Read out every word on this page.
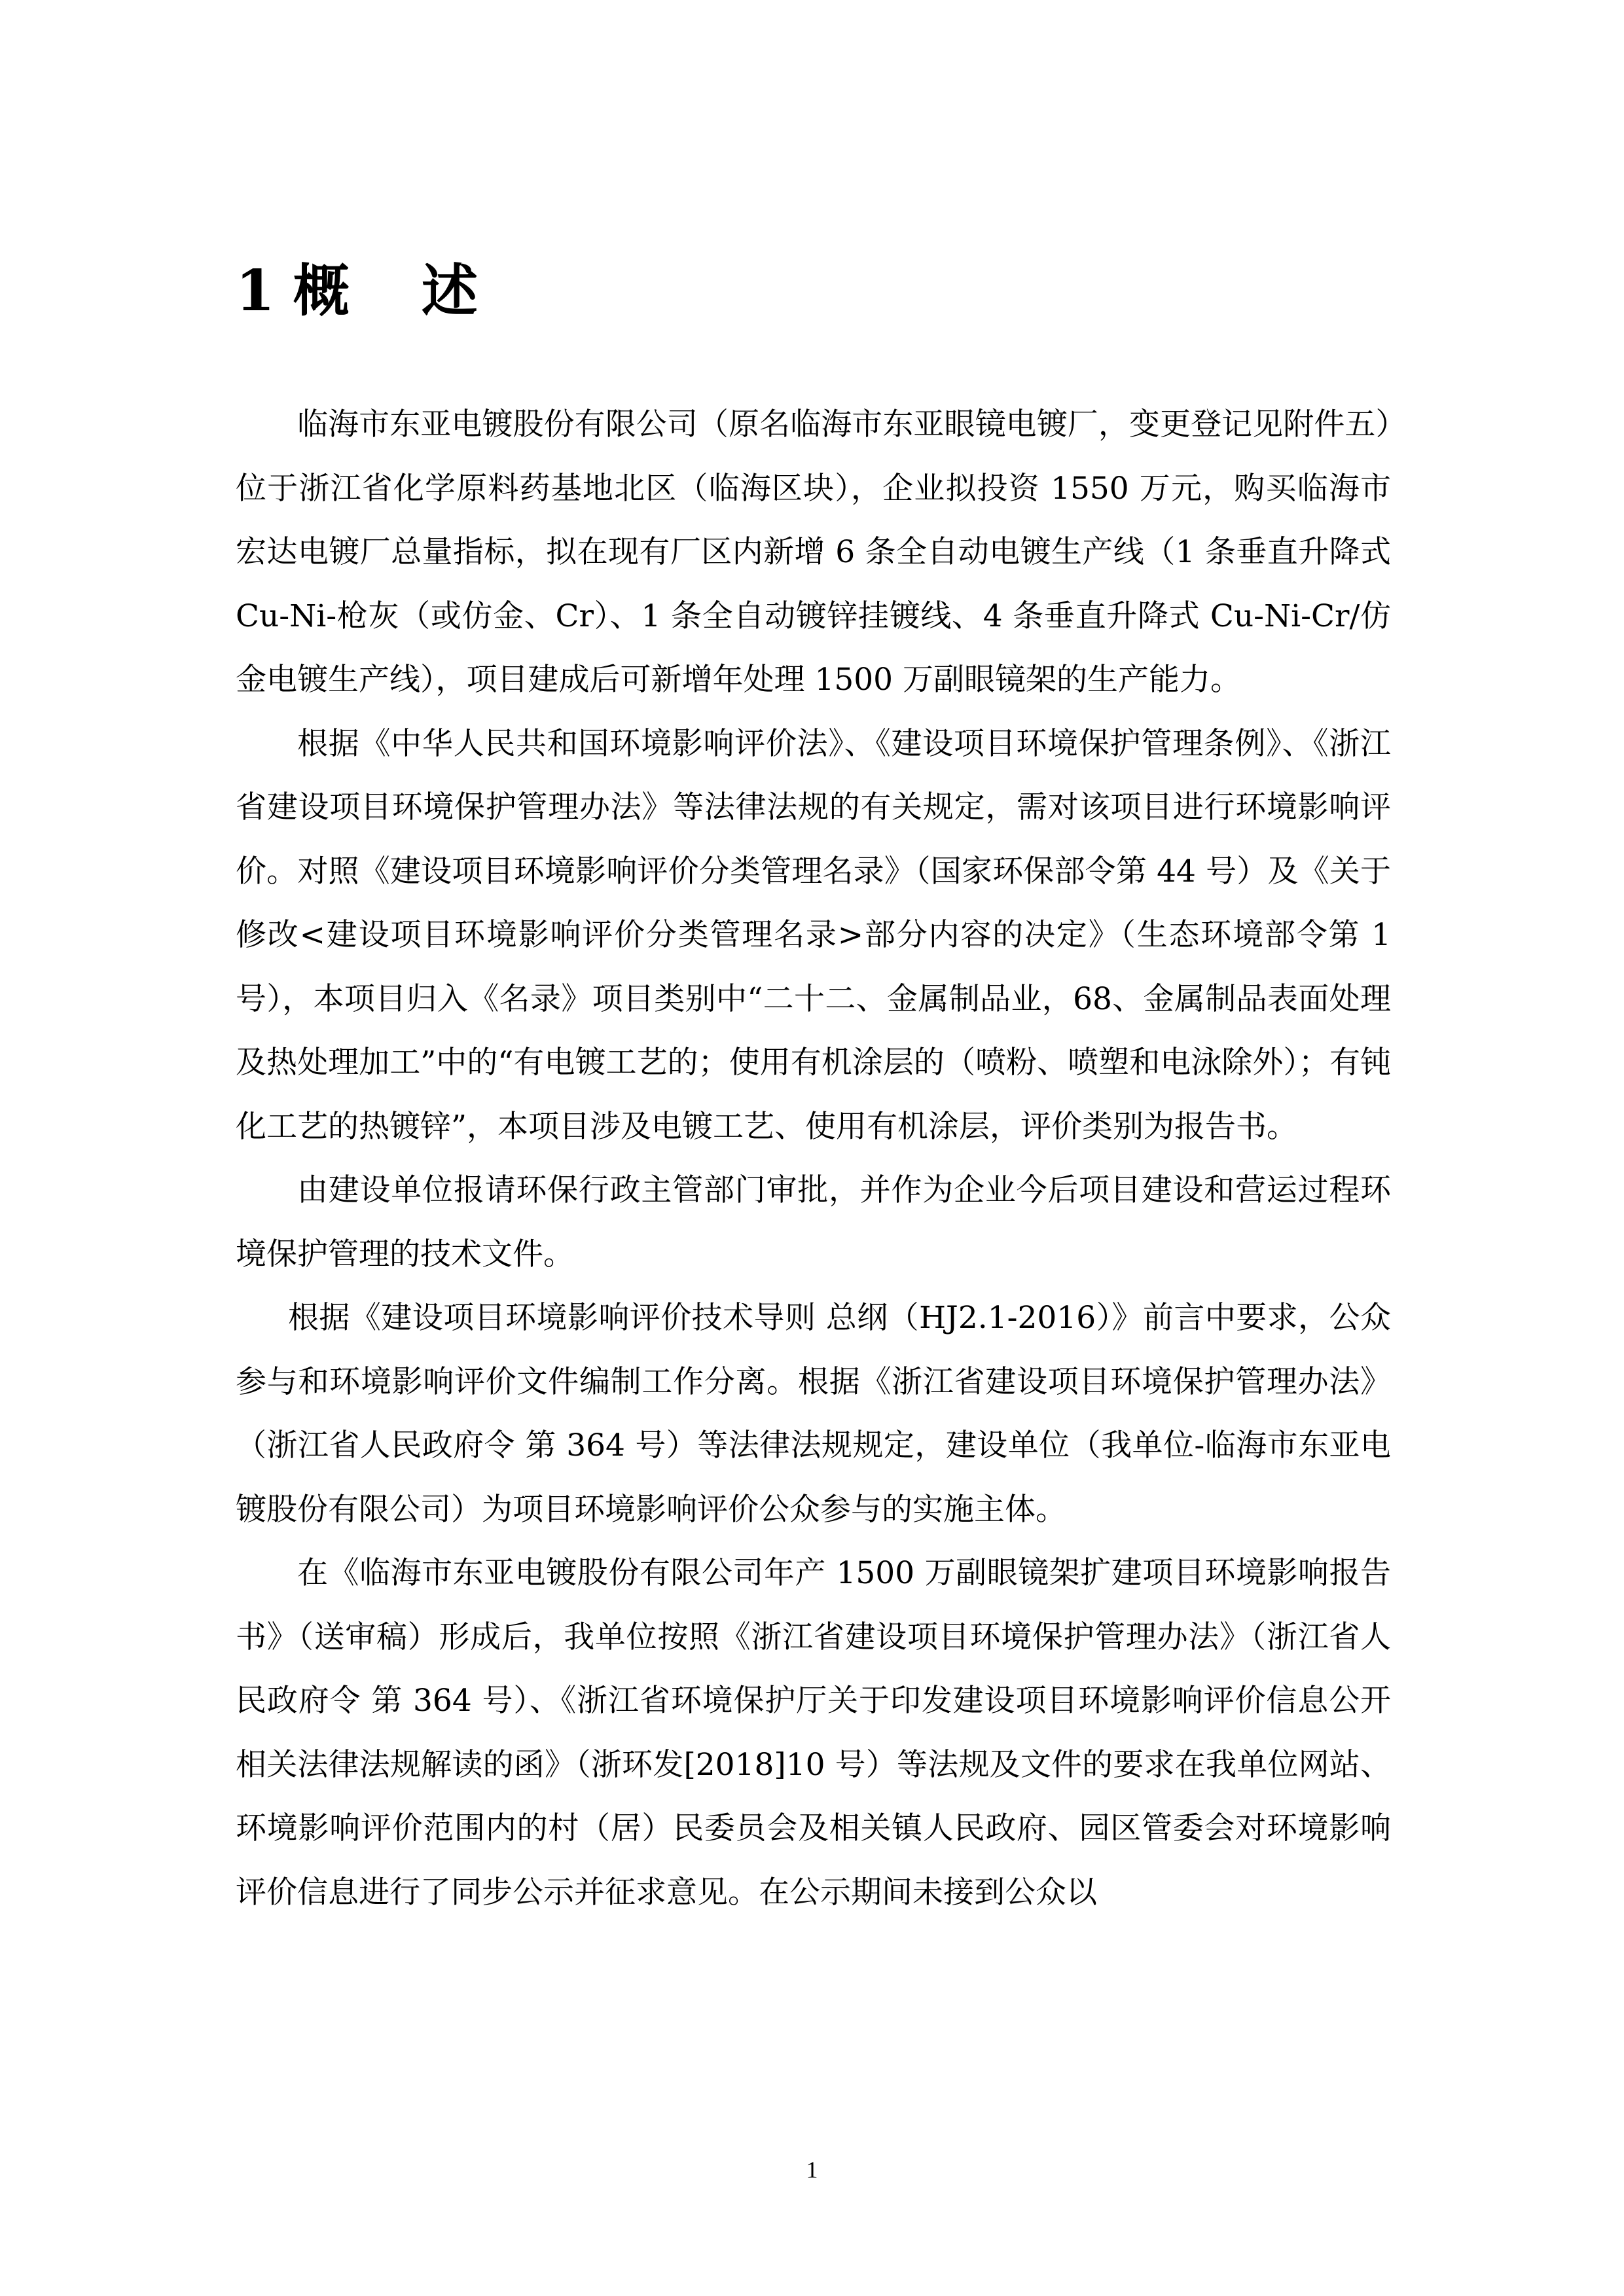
1 概 述

临海市东亚电镀股份有限公司（原名临海市东亚眼镜电镀厂，变更登记见附件五）位于浙江省化学原料药基地北区（临海区块），企业拟投资 1550 万元，购买临海市宏达电镀厂总量指标，拟在现有厂区内新增 6 条全自动电镀生产线（1 条垂直升降式 Cu-Ni-枪灰（或仿金、Cr）、1 条全自动镀锌挂镀线、4 条垂直升降式 Cu-Ni-Cr/仿金电镀生产线），项目建成后可新增年处理 1500 万副眼镜架的生产能力。

根据《中华人民共和国环境影响评价法》、《建设项目环境保护管理条例》、《浙江省建设项目环境保护管理办法》等法律法规的有关规定，需对该项目进行环境影响评价。对照《建设项目环境影响评价分类管理名录》（国家环保部令第 44 号）及《关于修改<建设项目环境影响评价分类管理名录>部分内容的决定》（生态环境部令第 1 号），本项目归入《名录》项目类别中“二十二、金属制品业，68、金属制品表面处理及热处理加工”中的“有电镀工艺的；使用有机涂层的（喷粉、喷塑和电泳除外）；有钝化工艺的热镀锌”，本项目涉及电镀工艺、使用有机涂层，评价类别为报告书。

由建设单位报请环保行政主管部门审批，并作为企业今后项目建设和营运过程环境保护管理的技术文件。

根据《建设项目环境影响评价技术导则 总纲（HJ2.1-2016）》前言中要求，公众参与和环境影响评价文件编制工作分离。根据《浙江省建设项目环境保护管理办法》（浙江省人民政府令 第 364 号）等法律法规规定，建设单位（我单位-临海市东亚电镀股份有限公司）为项目环境影响评价公众参与的实施主体。

在《临海市东亚电镀股份有限公司年产 1500 万副眼镜架扩建项目环境影响报告书》（送审稿）形成后，我单位按照《浙江省建设项目环境保护管理办法》（浙江省人民政府令 第 364 号）、《浙江省环境保护厅关于印发建设项目环境影响评价信息公开相关法律法规解读的函》（浙环发[2018]10 号）等法规及文件的要求在我单位网站、环境影响评价范围内的村（居）民委员会及相关镇人民政府、园区管委会对环境影响评价信息进行了同步公示并征求意见。在公示期间未接到公众以

1
